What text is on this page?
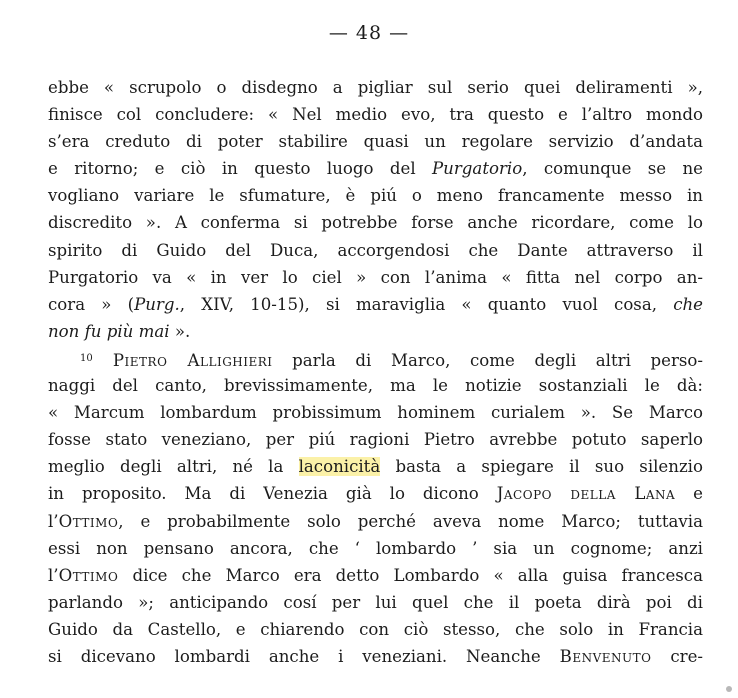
— 48 —
ebbe « scrupolo o disdegno a pigliar sul serio quei deliramenti »,
finisce col concludere: « Nel medio evo, tra questo e l’altro mondo
s’era creduto di poter stabilire quasi un regolare servizio d’andata
e ritorno; e ciò in questo luogo del Purgatorio, comunque se ne
vogliano variare le sfumature, è piú o meno francamente messo in
discredito ». A conferma si potrebbe forse anche ricordare, come lo
spirito di Guido del Duca, accorgendosi che Dante attraverso il
Purgatorio va « in ver lo ciel » con l’anima « fitta nel corpo an-
cora » (Purg., XIV, 10-15), si maraviglia « quanto vuol cosa, che
non fu più mai ».
$^{10}$ Pietro Allighieri parla di Marco, come degli altri perso-
naggi del canto, brevissimamente, ma le notizie sostanziali le dà:
« Marcum lombardum probissimum hominem curialem ». Se Marco
fosse stato veneziano, per piú ragioni Pietro avrebbe potuto saperlo
meglio degli altri, né la laconicità basta a spiegare il suo silenzio
in proposito. Ma di Venezia già lo dicono Jacopo della Lana e
l’Ottimo, e probabilmente solo perché aveva nome Marco; tuttavia
essi non pensano ancora, che ‘ lombardo ’ sia un cognome; anzi
l’Ottimo dice che Marco era detto Lombardo « alla guisa francesca
parlando »; anticipando cosí per lui quel che il poeta dirà poi di
Guido da Castello, e chiarendo con ciò stesso, che solo in Francia
si dicevano lombardi anche i veneziani. Neanche Benvenuto cre-
